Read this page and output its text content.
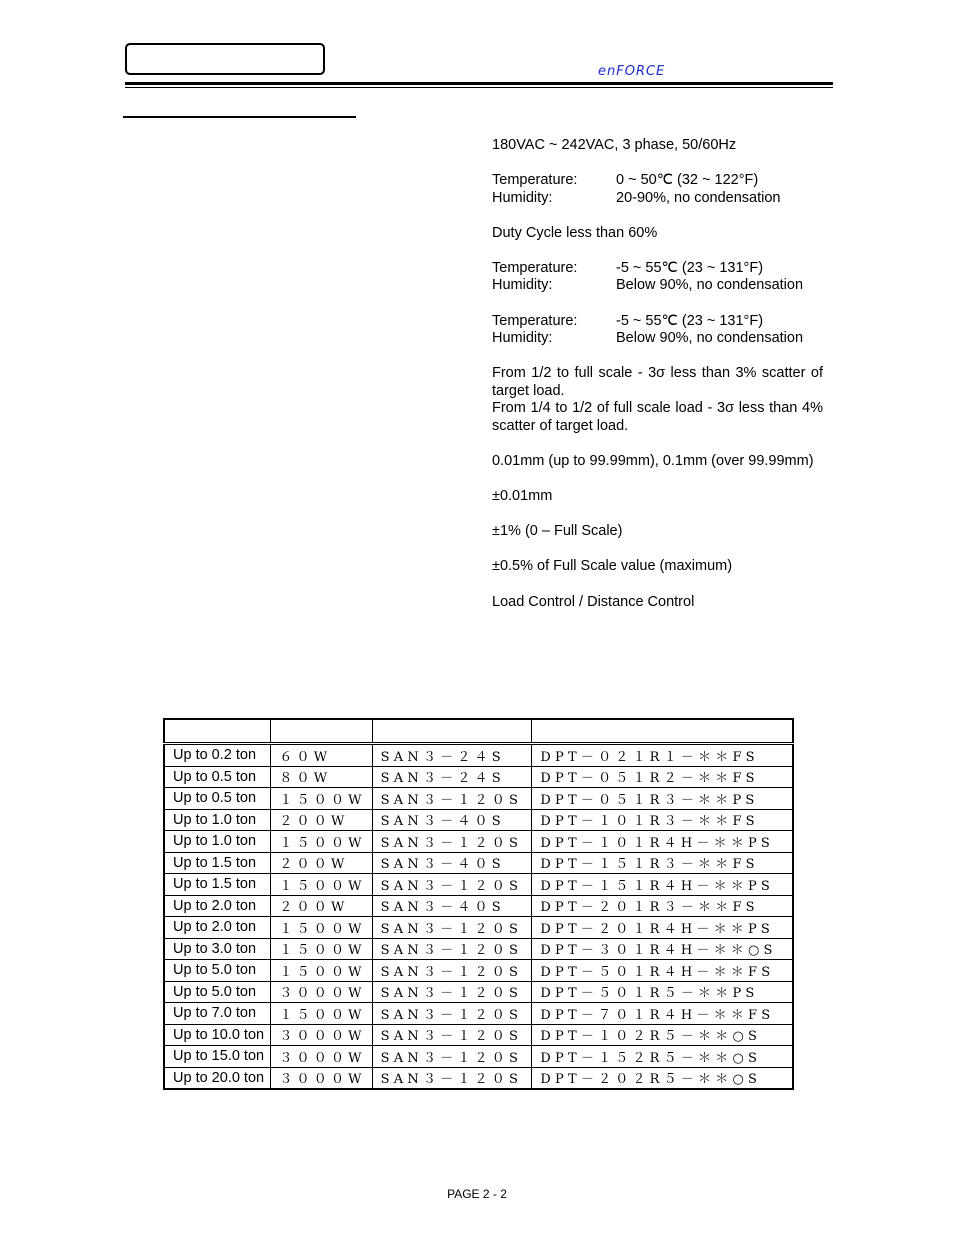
enFORCE
180VAC ~ 242VAC, 3 phase, 50/60Hz
Temperature:	0 ~ 50℃ (32 ~ 122°F)
Humidity:	20-90%, no condensation
Duty Cycle less than 60%
Temperature:	-5 ~ 55℃ (23 ~ 131°F)
Humidity:	Below 90%, no condensation
Temperature:	-5 ~ 55℃ (23 ~ 131°F)
Humidity:	Below 90%, no condensation
From 1/2 to full scale - 3σ less than 3% scatter of target load.
From 1/4 to 1/2 of full scale load - 3σ less than 4% scatter of target load.
0.01mm (up to 99.99mm), 0.1mm (over 99.99mm)
±0.01mm
±1% (0 – Full Scale)
±0.5% of Full Scale value (maximum)
Load Control / Distance Control

Up to 0.2 ton	６０W	SAN３－２４S	DPT－０２１R１－＊＊FS
Up to 0.5 ton	８０W	SAN３－２４S	DPT－０５１R２－＊＊FS
Up to 0.5 ton	１５００W	SAN３－１２０S	DPT－０５１R３－＊＊PS
Up to 1.0 ton	２００W	SAN３－４０S	DPT－１０１R３－＊＊FS
Up to 1.0 ton	１５００W	SAN３－１２０S	DPT－１０１R４H－＊＊PS
Up to 1.5 ton	２００W	SAN３－４０S	DPT－１５１R３－＊＊FS
Up to 1.5 ton	１５００W	SAN３－１２０S	DPT－１５１R４H－＊＊PS
Up to 2.0 ton	２００W	SAN３－４０S	DPT－２０１R３－＊＊FS
Up to 2.0 ton	１５００W	SAN３－１２０S	DPT－２０１R４H－＊＊PS
Up to 3.0 ton	１５００W	SAN３－１２０S	DPT－３０１R４H－＊＊○S
Up to 5.0 ton	１５００W	SAN３－１２０S	DPT－５０１R４H－＊＊FS
Up to 5.0 ton	３０００W	SAN３－１２０S	DPT－５０１R５－＊＊PS
Up to 7.0 ton	１５００W	SAN３－１２０S	DPT－７０１R４H－＊＊FS
Up to 10.0 ton	３０００W	SAN３－１２０S	DPT－１０２R５－＊＊○S
Up to 15.0 ton	３０００W	SAN３－１２０S	DPT－１５２R５－＊＊○S
Up to 20.0 ton	３０００W	SAN３－１２０S	DPT－２０２R５－＊＊○S
PAGE 2 - 2
